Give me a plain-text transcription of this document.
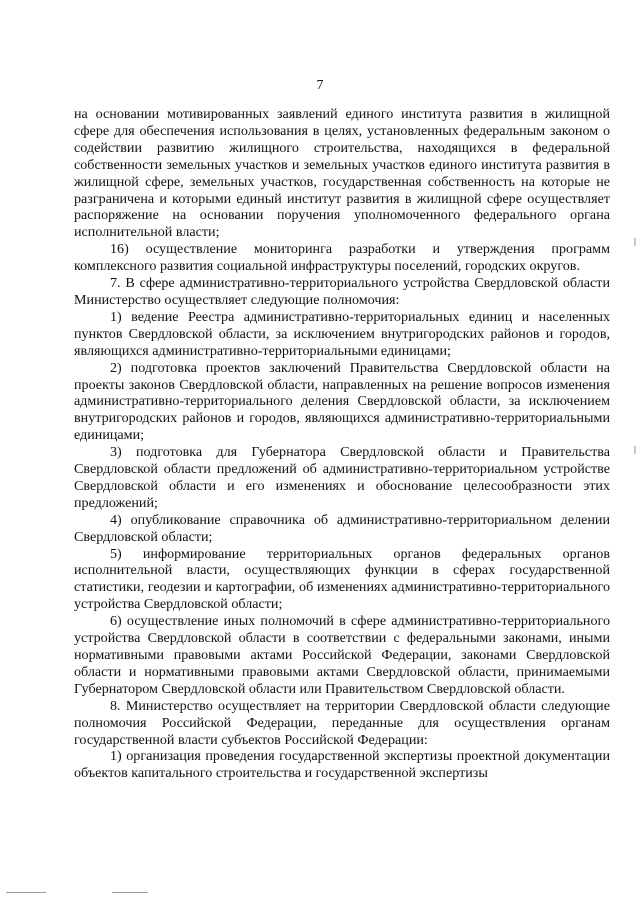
7

на основании мотивированных заявлений единого института развития в жилищной сфере для обеспечения использования в целях, установленных федеральным законом о содействии развитию жилищного строительства, находящихся в федеральной собственности земельных участков и земельных участков единого института развития в жилищной сфере, земельных участков, государственная собственность на которые не разграничена и которыми единый институт развития в жилищной сфере осуществляет распоряжение на основании поручения уполномоченного федерального органа исполнительной власти;

16) осуществление мониторинга разработки и утверждения программ комплексного развития социальной инфраструктуры поселений, городских округов.

7. В сфере административно-территориального устройства Свердловской области Министерство осуществляет следующие полномочия:

1) ведение Реестра административно-территориальных единиц и населенных пунктов Свердловской области, за исключением внутригородских районов и городов, являющихся административно-территориальными единицами;

2) подготовка проектов заключений Правительства Свердловской области на проекты законов Свердловской области, направленных на решение вопросов изменения административно-территориального деления Свердловской области, за исключением внутригородских районов и городов, являющихся административно-территориальными единицами;

3) подготовка для Губернатора Свердловской области и Правительства Свердловской области предложений об административно-территориальном устройстве Свердловской области и его изменениях и обоснование целесообразности этих предложений;

4) опубликование справочника об административно-территориальном делении Свердловской области;

5) информирование территориальных органов федеральных органов исполнительной власти, осуществляющих функции в сферах государственной статистики, геодезии и картографии, об изменениях административно-территориального устройства Свердловской области;

6) осуществление иных полномочий в сфере административно-территориального устройства Свердловской области в соответствии с федеральными законами, иными нормативными правовыми актами Российской Федерации, законами Свердловской области и нормативными правовыми актами Свердловской области, принимаемыми Губернатором Свердловской области или Правительством Свердловской области.

8. Министерство осуществляет на территории Свердловской области следующие полномочия Российской Федерации, переданные для осуществления органам государственной власти субъектов Российской Федерации:

1) организация проведения государственной экспертизы проектной документации объектов капитального строительства и государственной экспертизы
